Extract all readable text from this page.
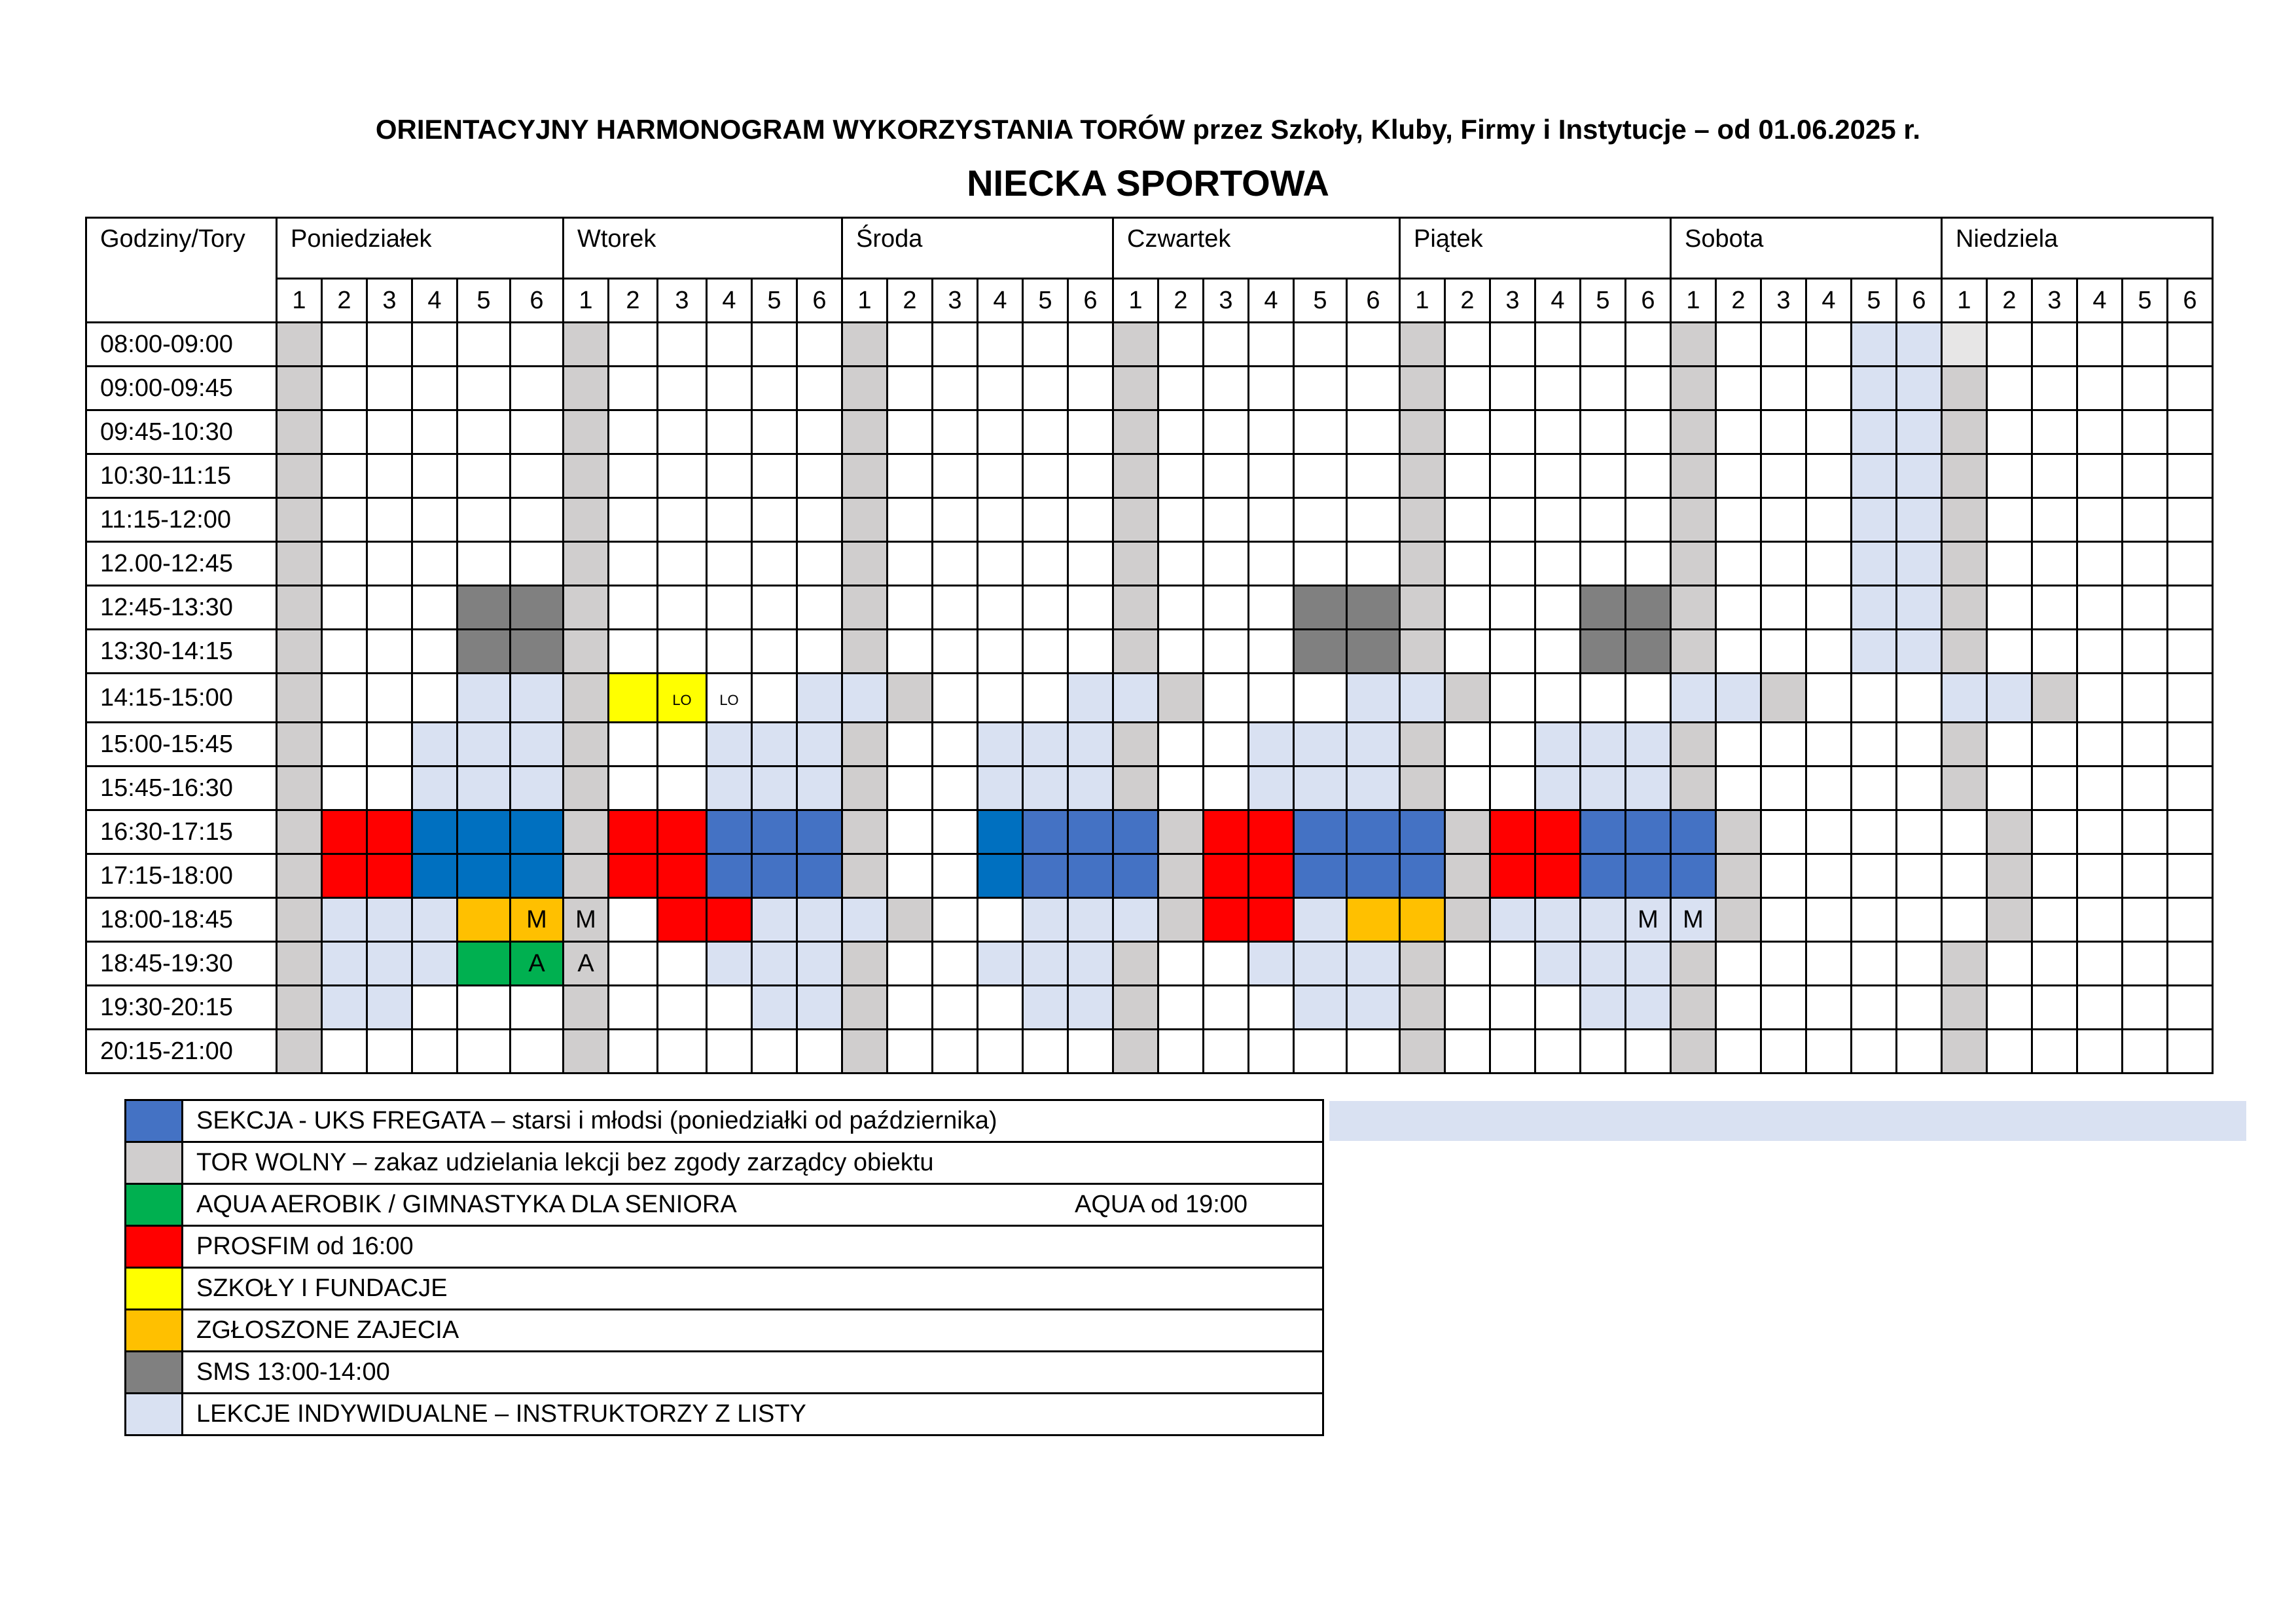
ORIENTACYJNY HARMONOGRAM WYKORZYSTANIA TORÓW przez Szkoły, Kluby, Firmy i Instytucje – od 01.06.2025 r.
NIECKA SPORTOWA
Godziny/Tory	Poniedziałek						Wtorek						Środa						Czwartek						Piątek						Sobota						Niedziela					
	1	2	3	4	5	6	1	2	3	4	5	6	1	2	3	4	5	6	1	2	3	4	5	6	1	2	3	4	5	6	1	2	3	4	5	6	1	2	3	4	5	6
08:00-09:00																																										
09:00-09:45																																										
09:45-10:30																																										
10:30-11:15																																										
11:15-12:00																																										
12.00-12:45																																										
12:45-13:30																																										
13:30-14:15																																										
14:15-15:00									LO	LO																																
15:00-15:45																																										
15:45-16:30																																										
16:30-17:15																																										
17:15-18:00																																										
18:00-18:45						M	M																							M	M											
18:45-19:30						A	A																																			
19:30-20:15																																										
20:15-21:00																																										
	SEKCJA - UKS FREGATA – starsi i młodsi (poniedziałki od października)
	TOR WOLNY – zakaz udzielania lekcji bez zgody zarządcy obiektu
	AQUA AEROBIK / GIMNASTYKA DLA SENIORA AQUA od 19:00

	PROSFIM od 16:00
	SZKOŁY I FUNDACJE
	ZGŁOSZONE ZAJECIA
	SMS 13:00-14:00
	LEKCJE INDYWIDUALNE – INSTRUKTORZY Z LISTY
